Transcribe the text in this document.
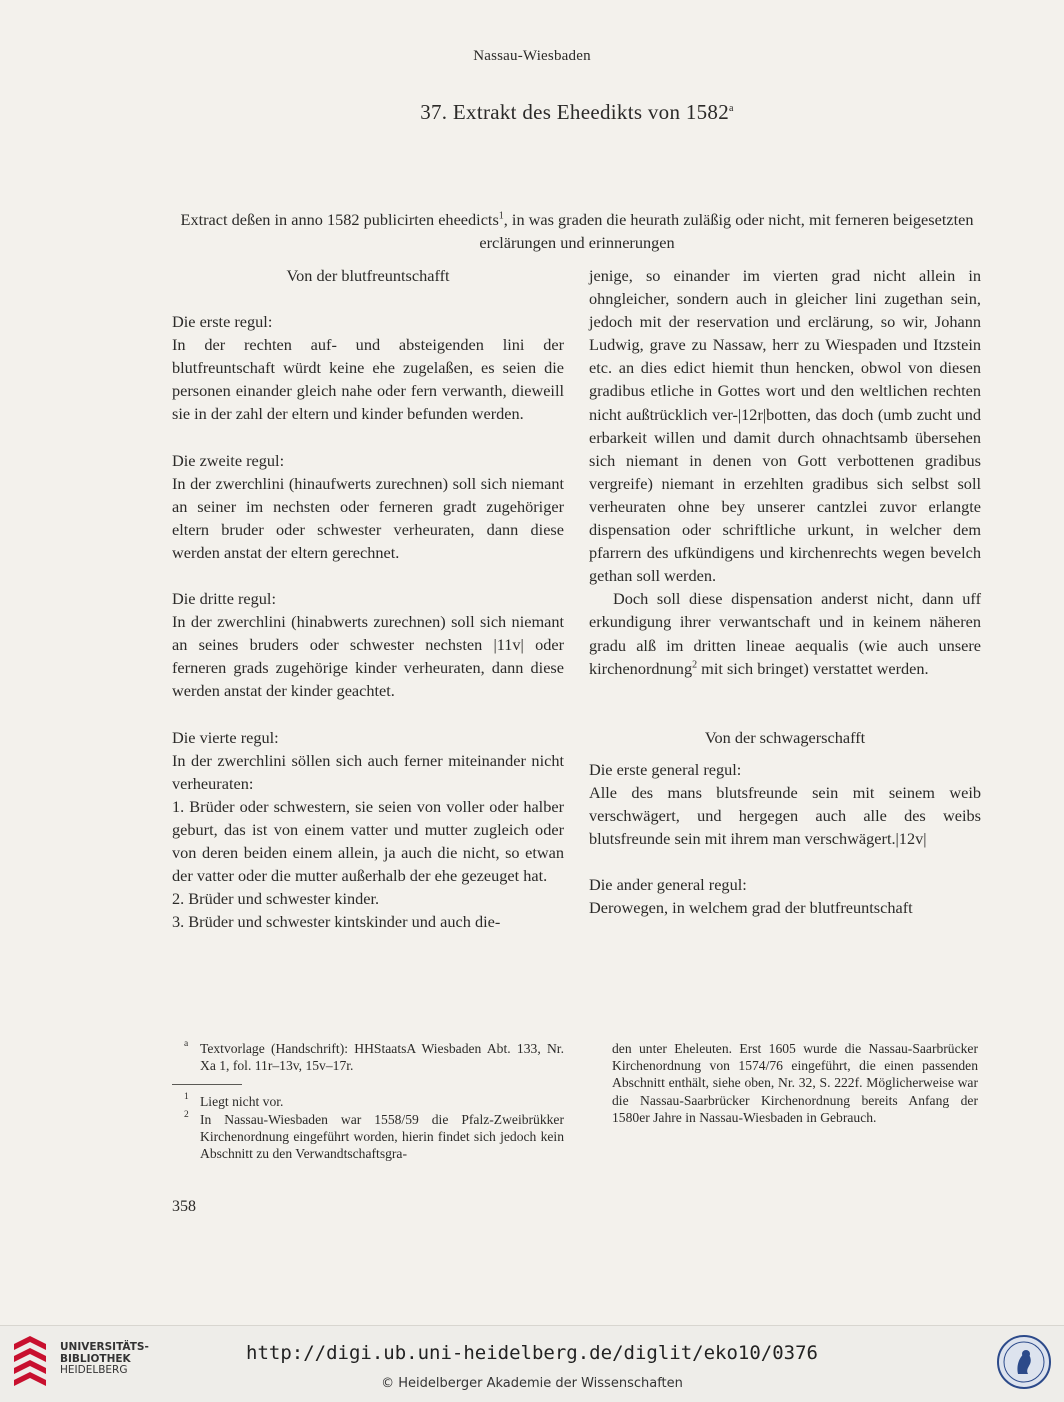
Nassau-Wiesbaden
37. Extrakt des Eheedikts von 1582$^a$
Extract deßen in anno 1582 publicirten eheedicts$^1$, in was graden die heurath zuläßig oder nicht, mit ferneren beigesetzten erclärungen und erinnerungen

Von der blutfreuntschafft

Die erste regul:

In der rechten auf- und absteigenden lini der blutfreuntschaft würdt keine ehe zugelaßen, es seien die personen einander gleich nahe oder fern verwanth, dieweill sie in der zahl der eltern und kinder befunden werden.

Die zweite regul:

In der zwerchlini (hinaufwerts zurechnen) soll sich niemant an seiner im nechsten oder ferneren gradt zugehöriger eltern bruder oder schwester verheuraten, dann diese werden anstat der eltern gerechnet.

Die dritte regul:

In der zwerchlini (hinabwerts zurechnen) soll sich niemant an seines bruders oder schwester nechsten |11v| oder ferneren grads zugehörige kinder verheuraten, dann diese werden anstat der kinder geachtet.

Die vierte regul:

In der zwerchlini söllen sich auch ferner miteinander nicht verheuraten:

1. Brüder oder schwestern, sie seien von voller oder halber geburt, das ist von einem vatter und mutter zugleich oder von deren beiden einem allein, ja auch die nicht, so etwan der vatter oder die mutter außerhalb der ehe gezeuget hat.

2. Brüder und schwester kinder.

3. Brüder und schwester kintskinder und auch die-

jenige, so einander im vierten grad nicht allein in ohngleicher, sondern auch in gleicher lini zugethan sein, jedoch mit der reservation und erclärung, so wir, Johann Ludwig, grave zu Nassaw, herr zu Wiespaden und Itzstein etc. an dies edict hiemit thun hencken, obwol von diesen gradibus etliche in Gottes wort und den weltlichen rechten nicht außtrücklich ver-|12r|botten, das doch (umb zucht und erbarkeit willen und damit durch ohnachtsamb übersehen sich niemant in denen von Gott verbottenen gradibus vergreife) niemant in erzehlten gradibus sich selbst soll verheuraten ohne bey unserer cantzlei zuvor erlangte dispensation oder schriftliche urkunt, in welcher dem pfarrern des ufkündigens und kirchenrechts wegen bevelch gethan soll werden.

Doch soll diese dispensation anderst nicht, dann uff erkundigung ihrer verwantschaft und in keinem näheren gradu alß im dritten lineae aequalis (wie auch unsere kirchenordnung$^2$ mit sich bringet) verstattet werden.

Von der schwagerschafft

Die erste general regul:

Alle des mans blutsfreunde sein mit seinem weib verschwägert, und hergegen auch alle des weibs blutsfreunde sein mit ihrem man verschwägert.|12v|

Die ander general regul:

Derowegen, in welchem grad der blutfreuntschaft

a Textvorlage (Handschrift): HHStaatsA Wiesbaden Abt. 133, Nr. Xa 1, fol. 11r–13v, 15v–17r.

1 Liegt nicht vor.

2 In Nassau-Wiesbaden war 1558/59 die Pfalz-Zweibrükker Kirchenordnung eingeführt worden, hierin findet sich jedoch kein Abschnitt zu den Verwandtschaftsgra-

den unter Eheleuten. Erst 1605 wurde die Nassau-Saarbrücker Kirchenordnung von 1574/76 eingeführt, die einen passenden Abschnitt enthält, siehe oben, Nr. 32, S. 222f. Möglicherweise war die Nassau-Saarbrücker Kirchenordnung bereits Anfang der 1580er Jahre in Nassau-Wiesbaden in Gebrauch.

358
UNIVERSITÄTS-
BIBLIOTHEK
HEIDELBERG
http://digi.ub.uni-heidelberg.de/diglit/eko10/0376
© Heidelberger Akademie der Wissenschaften
